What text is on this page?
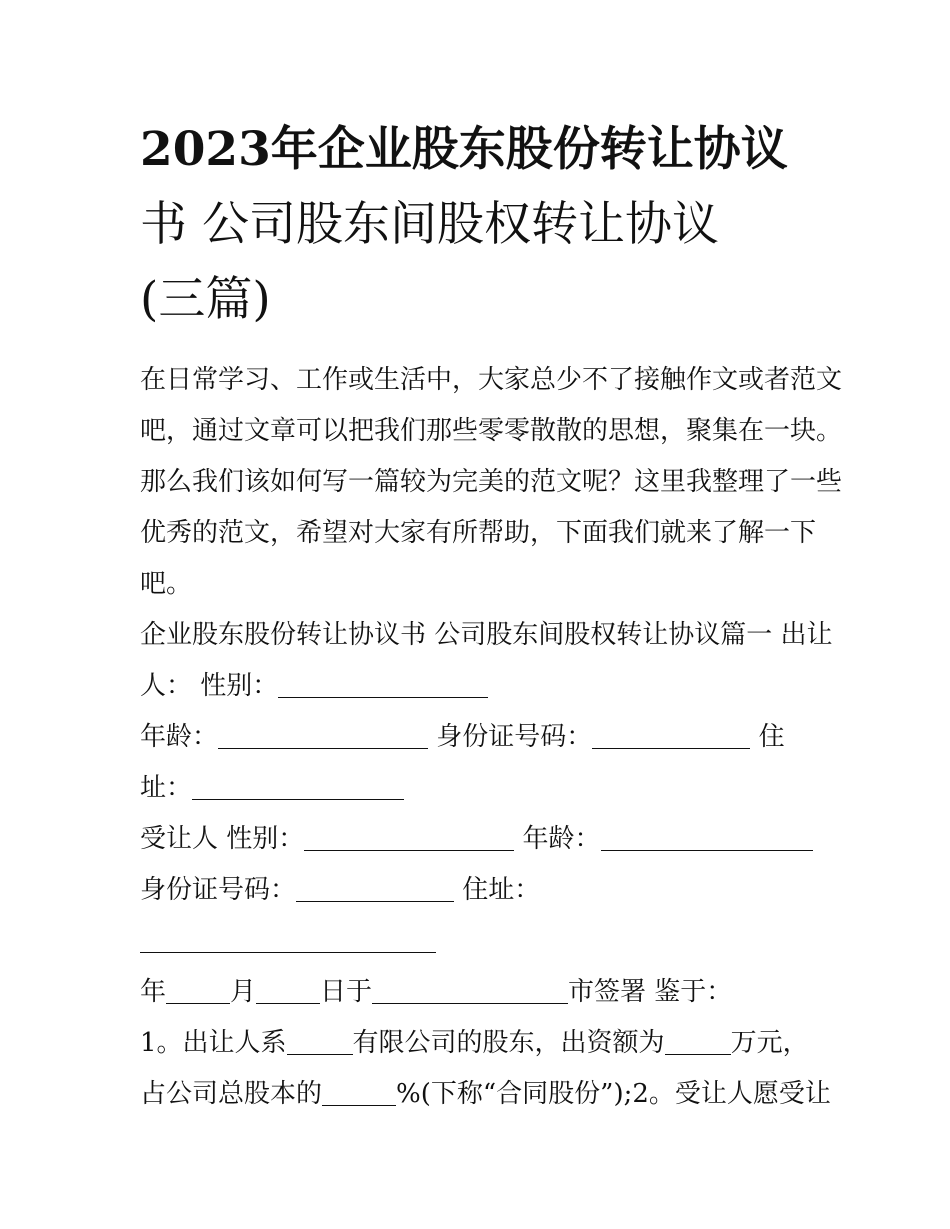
2023年企业股东股份转让协议
书 公司股东间股权转让协议
(三篇)
在日常学习、工作或生活中，大家总少不了接触作文或者范文
吧，通过文章可以把我们那些零零散散的思想，聚集在一块。
那么我们该如何写一篇较为完美的范文呢？这里我整理了一些
优秀的范文，希望对大家有所帮助，下面我们就来了解一下
吧。
企业股东股份转让协议书 公司股东间股权转让协议篇一 出让
人： 性别：
年龄：	身份证号码：	住
址：
受让人 性别：	年龄：
身份证号码：	住址：
年 月 日于	市签署 鉴于：
1。出让人系	有限公司的股东，出资额为	万元，
占公司总股本的	%(下称“合同股份”);2。受让人愿受让
